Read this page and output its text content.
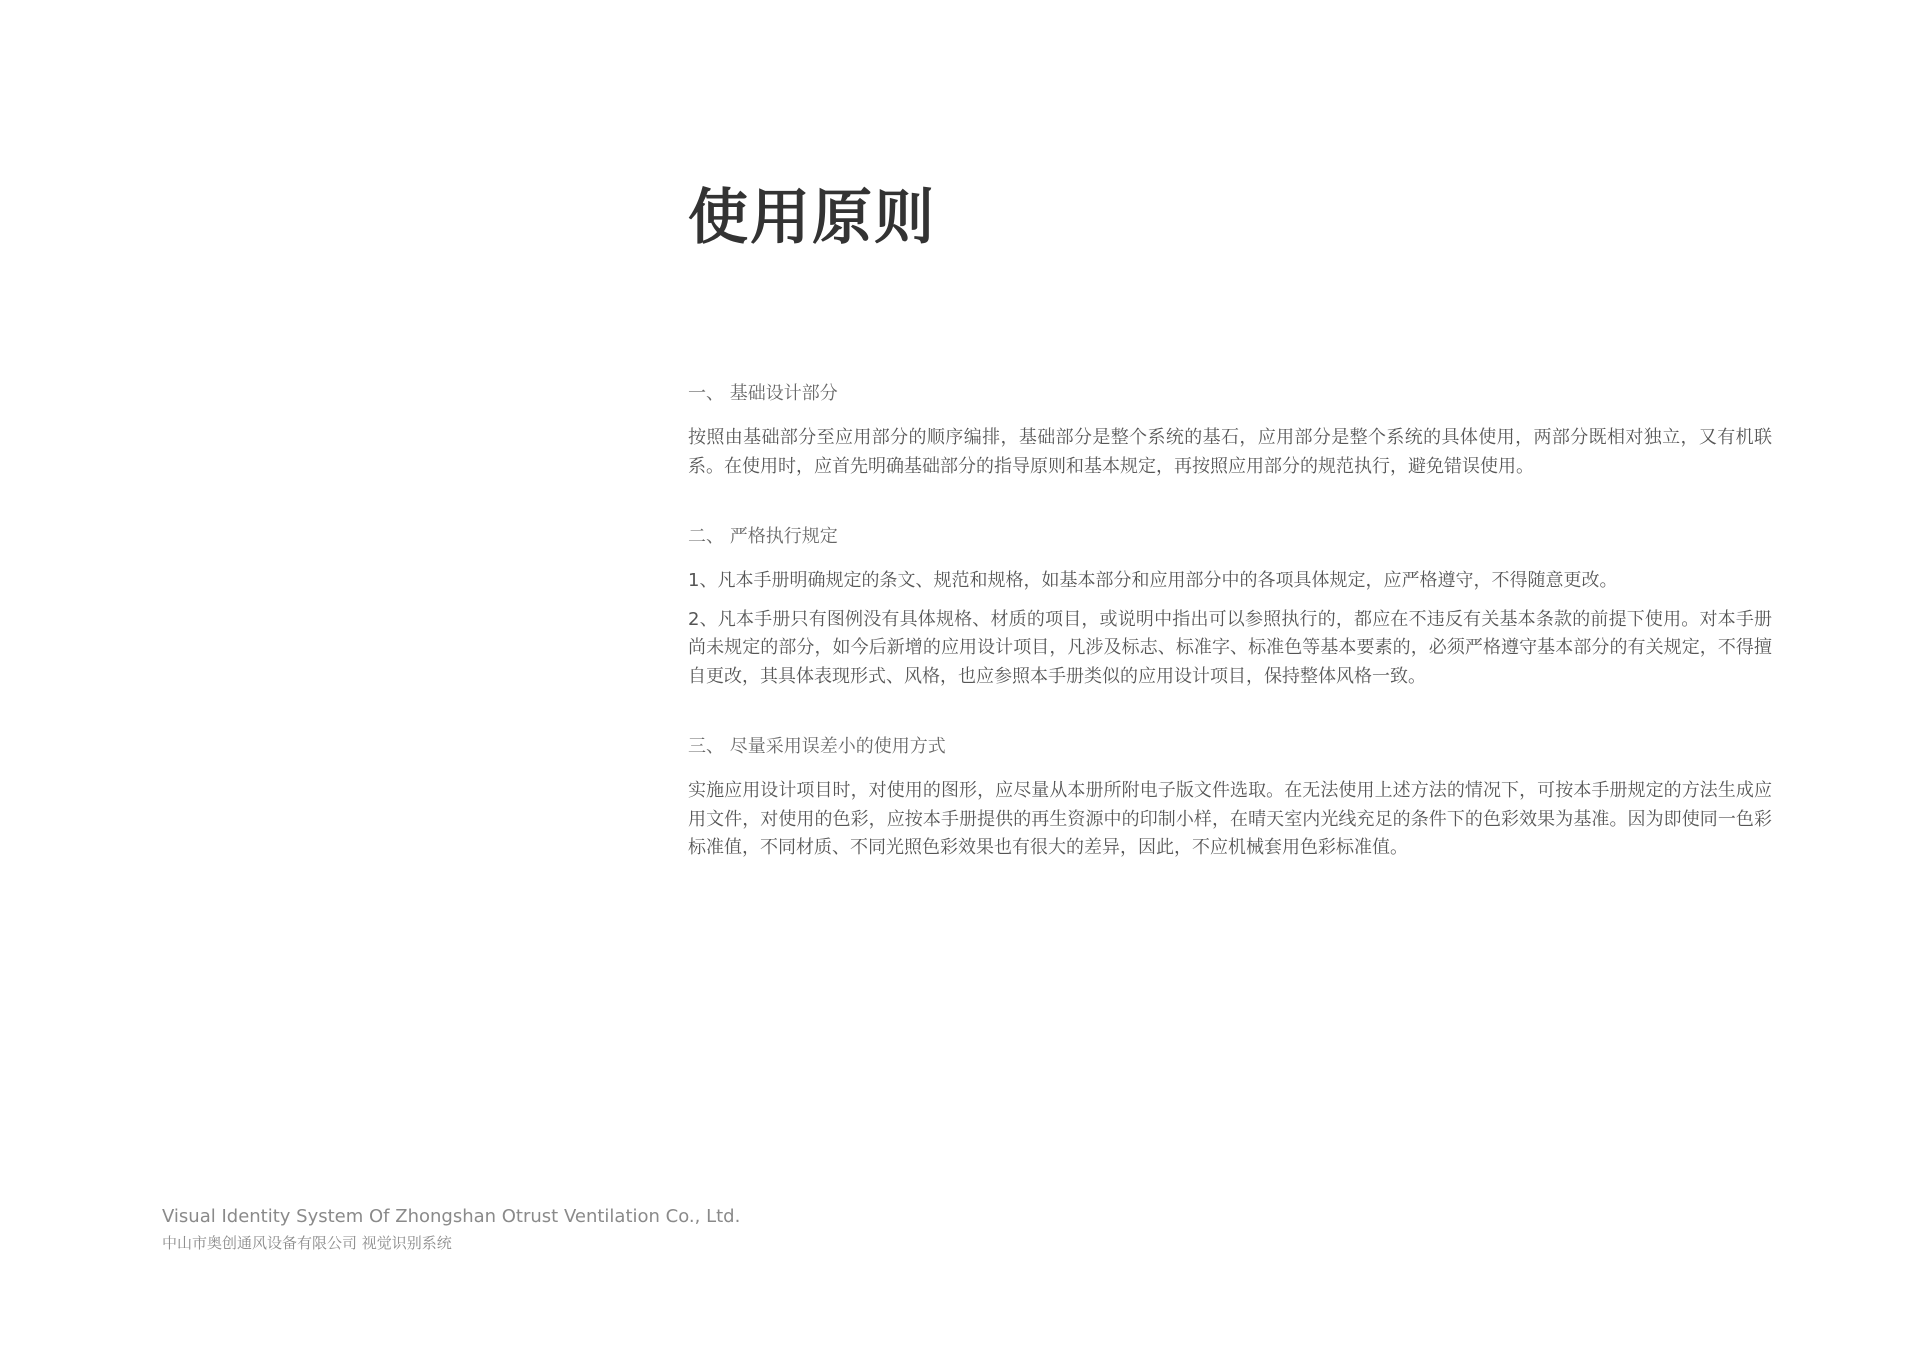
使用原则
一、 基础设计部分

按照由基础部分至应用部分的顺序编排，基础部分是整个系统的基石，应用部分是整个系统的具体使用，两部分既相对独立，又有机联系。在使用时，应首先明确基础部分的指导原则和基本规定，再按照应用部分的规范执行，避免错误使用。

二、 严格执行规定

1、凡本手册明确规定的条文、规范和规格，如基本部分和应用部分中的各项具体规定，应严格遵守，不得随意更改。

2、凡本手册只有图例没有具体规格、材质的项目，或说明中指出可以参照执行的，都应在不违反有关基本条款的前提下使用。对本手册尚未规定的部分，如今后新增的应用设计项目，凡涉及标志、标准字、标准色等基本要素的，必须严格遵守基本部分的有关规定，不得擅自更改，其具体表现形式、风格，也应参照本手册类似的应用设计项目，保持整体风格一致。

三、 尽量采用误差小的使用方式

实施应用设计项目时，对使用的图形，应尽量从本册所附电子版文件选取。在无法使用上述方法的情况下，可按本手册规定的方法生成应用文件，对使用的色彩，应按本手册提供的再生资源中的印制小样，在晴天室内光线充足的条件下的色彩效果为基准。因为即使同一色彩标准值，不同材质、不同光照色彩效果也有很大的差异，因此，不应机械套用色彩标准值。

Visual Identity System Of Zhongshan Otrust Ventilation Co., Ltd.

中山市奥创通风设备有限公司 视觉识别系统
